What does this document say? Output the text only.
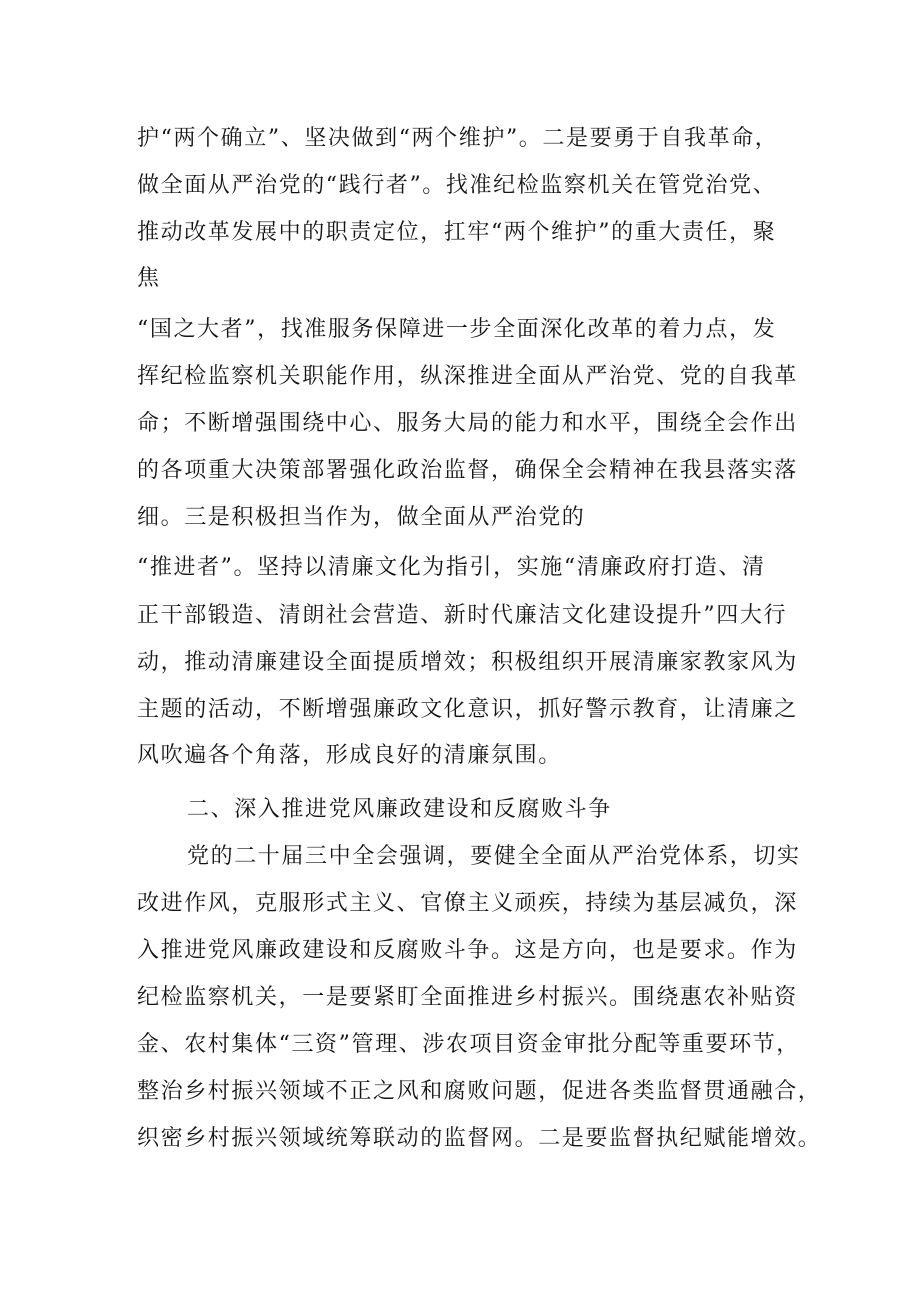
护“两个确立”、坚决做到“两个维护”。二是要勇于自我革命，
做全面从严治党的“践行者”。找准纪检监察机关在管党治党、
推动改革发展中的职责定位，扛牢“两个维护”的重大责任，聚
焦
“国之大者”，找准服务保障进一步全面深化改革的着力点，发
挥纪检监察机关职能作用，纵深推进全面从严治党、党的自我革
命；不断增强围绕中心、服务大局的能力和水平，围绕全会作出
的各项重大决策部署强化政治监督，确保全会精神在我县落实落
细。三是积极担当作为，做全面从严治党的
“推进者”。坚持以清廉文化为指引，实施“清廉政府打造、清
正干部锻造、清朗社会营造、新时代廉洁文化建设提升”四大行
动，推动清廉建设全面提质增效；积极组织开展清廉家教家风为
主题的活动，不断增强廉政文化意识，抓好警示教育，让清廉之
风吹遍各个角落，形成良好的清廉氛围。
二、深入推进党风廉政建设和反腐败斗争
党的二十届三中全会强调，要健全全面从严治党体系，切实
改进作风，克服形式主义、官僚主义顽疾，持续为基层减负，深
入推进党风廉政建设和反腐败斗争。这是方向，也是要求。作为
纪检监察机关，一是要紧盯全面推进乡村振兴。围绕惠农补贴资
金、农村集体“三资”管理、涉农项目资金审批分配等重要环节，
整治乡村振兴领域不正之风和腐败问题，促进各类监督贯通融合，
织密乡村振兴领域统筹联动的监督网。二是要监督执纪赋能增效。
